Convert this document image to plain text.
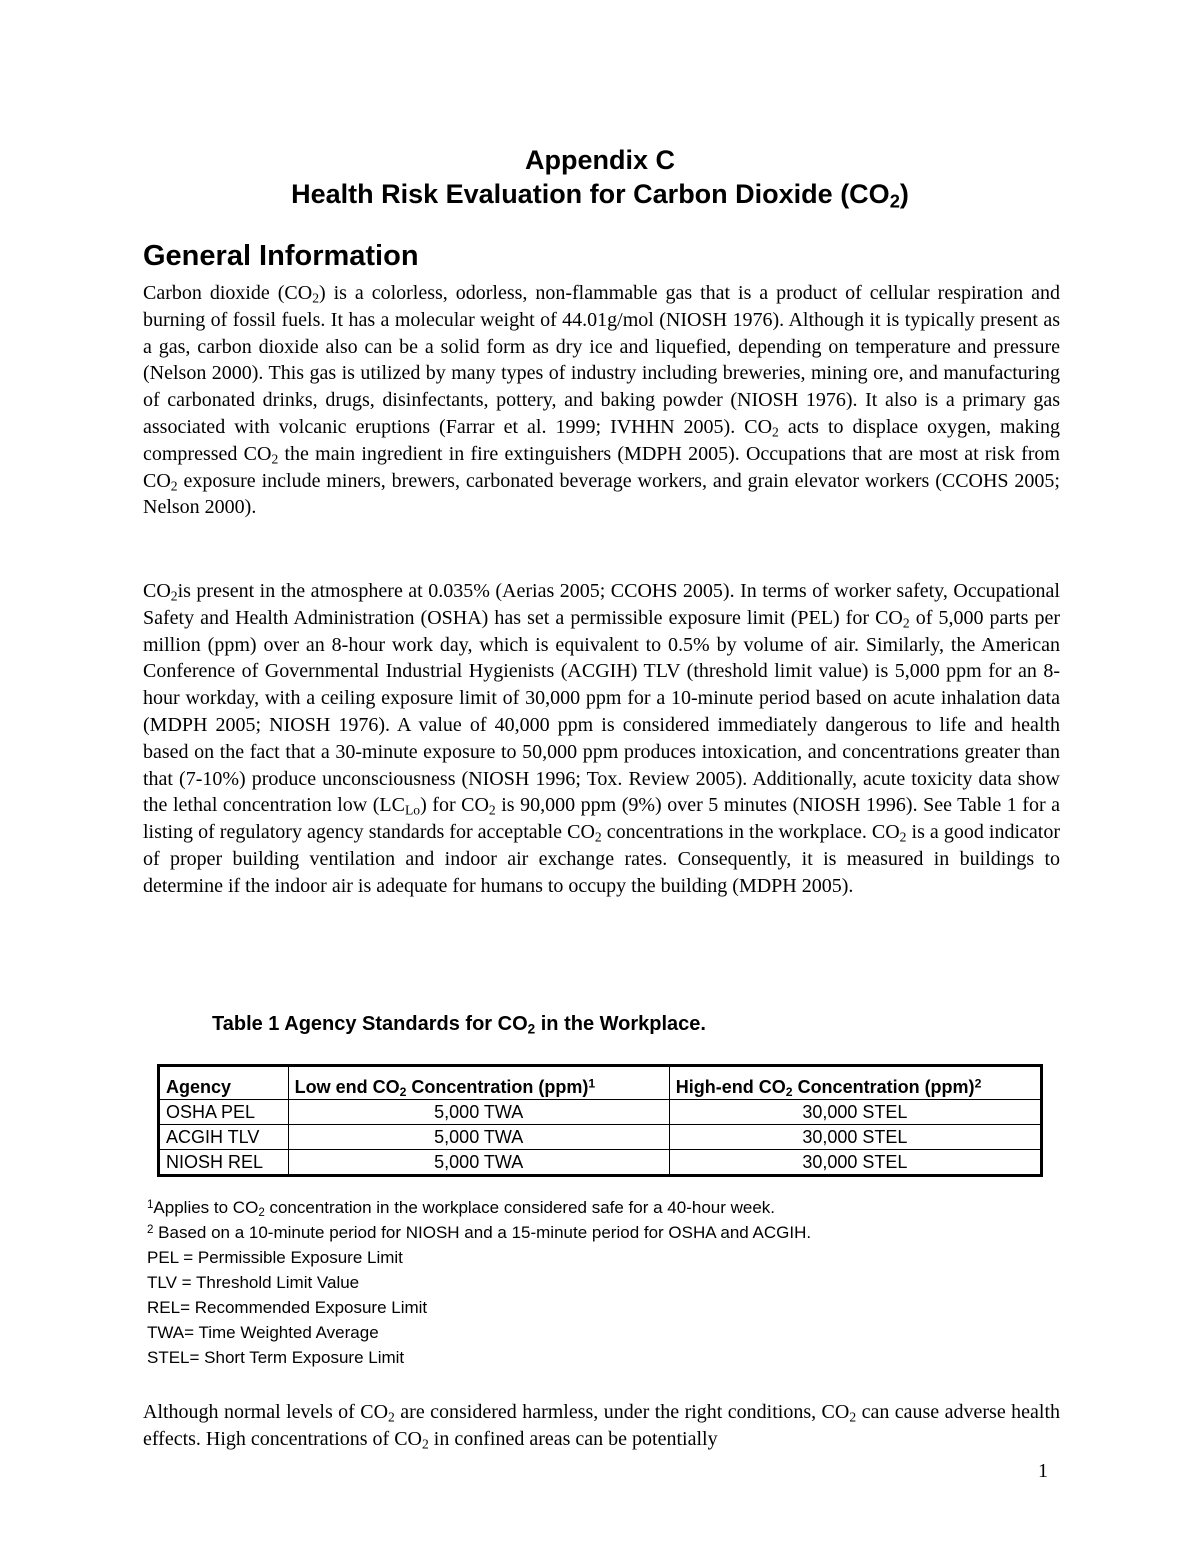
Appendix C
Health Risk Evaluation for Carbon Dioxide $(CO_2)$
General Information

Carbon dioxide $(CO_2)$ is a colorless, odorless, non-flammable gas that is a product of cellular respiration and burning of fossil fuels. It has a molecular weight of 44.01g/mol (NIOSH 1976). Although it is typically present as a gas, carbon dioxide also can be a solid form as dry ice and liquefied, depending on temperature and pressure (Nelson 2000). This gas is utilized by many types of industry including breweries, mining ore, and manufacturing of carbonated drinks, drugs, disinfectants, pottery, and baking powder (NIOSH 1976). It also is a primary gas associated with volcanic eruptions (Farrar et al. 1999; IVHHN 2005). $CO_2$ acts to displace oxygen, making compressed $CO_2$ the main ingredient in fire extinguishers (MDPH 2005). Occupations that are most at risk from $CO_2$ exposure include miners, brewers, carbonated beverage workers, and grain elevator workers (CCOHS 2005; Nelson 2000).

$CO_2is$ present in the atmosphere at 0.035% (Aerias 2005; CCOHS 2005). In terms of worker safety, Occupational Safety and Health Administration (OSHA) has set a permissible exposure limit (PEL) for $CO_2$ of 5,000 parts per million (ppm) over an 8-hour work day, which is equivalent to 0.5% by volume of air. Similarly, the American Conference of Governmental Industrial Hygienists (ACGIH) TLV (threshold limit value) is 5,000 ppm for an 8-hour workday, with a ceiling exposure limit of 30,000 ppm for a 10-minute period based on acute inhalation data (MDPH 2005; NIOSH 1976). A value of 40,000 ppm is considered immediately dangerous to life and health based on the fact that a 30-minute exposure to 50,000 ppm produces intoxication, and concentrations greater than that (7-10%) produce unconsciousness (NIOSH 1996; Tox. Review 2005). Additionally, acute toxicity data show the lethal concentration low $(LC_{Lo})$ for $CO_2$ is 90,000 ppm (9%) over 5 minutes (NIOSH 1996). See Table 1 for a listing of regulatory agency standards for acceptable $CO_2$ concentrations in the workplace. $CO_2$ is a good indicator of proper building ventilation and indoor air exchange rates. Consequently, it is measured in buildings to determine if the indoor air is adequate for humans to occupy the building (MDPH 2005).

Table 1 Agency Standards for $CO_2$ in the Workplace.
Agency	Low end $CO_2$ Concentration (ppm)$^1$	High-end $CO_2$ Concentration (ppm)$^2$
OSHA PEL	5,000 TWA	30,000 STEL
ACGIH TLV	5,000 TWA	30,000 STEL
NIOSH REL	5,000 TWA	30,000 STEL
$^1$Applies to $CO_2$ concentration in the workplace considered safe for a 40-hour week.
$^2$ Based on a 10-minute period for NIOSH and a 15-minute period for OSHA and ACGIH.
PEL = Permissible Exposure Limit
TLV = Threshold Limit Value
REL= Recommended Exposure Limit
TWA= Time Weighted Average
STEL= Short Term Exposure Limit

Although normal levels of $CO_2$ are considered harmless, under the right conditions, $CO_2$ can cause adverse health effects. High concentrations of $CO_2$ in confined areas can be potentially

1
